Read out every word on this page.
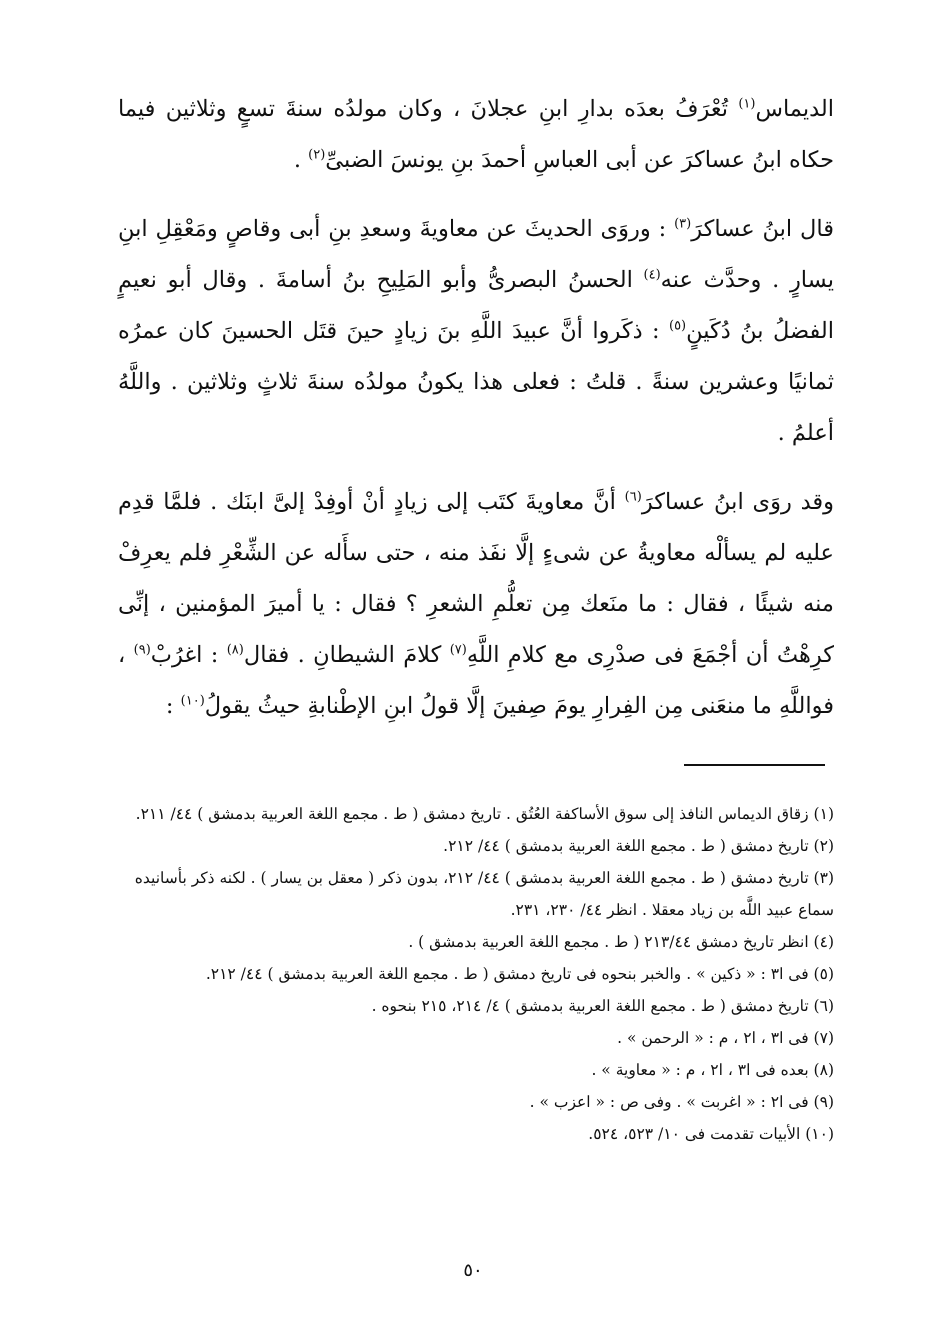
الديماس$^{(١)}$ تُعْرَفُ بعدَه بدارِ ابنِ عجلانَ ، وكان مولدُه سنةَ تسعٍ وثلاثين فيما حكاه ابنُ عساكرَ عن أبى العباسِ أحمدَ بنِ يونسَ الضبىِّ$^{(٢)}$ .

قال ابنُ عساكرَ$^{(٣)}$ : وروَى الحديثَ عن معاويةَ وسعدِ بنِ أبى وقاصٍ ومَعْقِلِ ابنِ يسارٍ . وحدَّث عنه$^{(٤)}$ الحسنُ البصرىُّ وأبو المَلِيحِ بنُ أسامةَ . وقال أبو نعيمٍ الفضلُ بنُ دُكَينٍ$^{(٥)}$ : ذكَروا أنَّ عبيدَ اللَّهِ بنَ زيادٍ حينَ قتَل الحسينَ كان عمرُه ثمانيًا وعشرين سنةً . قلتُ : فعلى هذا يكونُ مولدُه سنةَ ثلاثٍ وثلاثين . واللَّهُ أعلمُ .

وقد روَى ابنُ عساكرَ$^{(٦)}$ أنَّ معاويةَ كتَب إلى زيادٍ أنْ أوفِدْ إلىَّ ابنَك . فلمَّا قدِم عليه لم يسألْه معاويةُ عن شىءٍ إلَّا نفَذ منه ، حتى سأَله عن الشِّعْرِ فلم يعرِفْ منه شيئًا ، فقال : ما منَعك مِن تعلُّمِ الشعرِ ؟ فقال : يا أميرَ المؤمنين ، إنِّى كرِهْتُ أن أجْمَعَ فى صدْرِى مع كلامِ اللَّهِ$^{(٧)}$ كلامَ الشيطانِ . فقال$^{(٨)}$ : اغرُبْ$^{(٩)}$ ، فواللَّهِ ما منعَنى مِن الفِرارِ يومَ صِفينَ إلَّا قولُ ابنِ الإطْنابةِ حيثُ يقولُ$^{(١٠)}$ :

(١) زقاق الديماس النافذ إلى سوق الأساكفة العُتُق . تاريخ دمشق ( ط . مجمع اللغة العربية بدمشق ) ٤٤/ ٢١١.

(٢) تاريخ دمشق ( ط . مجمع اللغة العربية بدمشق ) ٤٤/ ٢١٢.

(٣) تاريخ دمشق ( ط . مجمع اللغة العربية بدمشق ) ٤٤/ ٢١٢، بدون ذكر ( معقل بن يسار ) . لكنه ذكر بأسانيده سماع عبيد اللَّه بن زياد معقلا . انظر ٤٤/ ٢٣٠، ٢٣١.

(٤) انظر تاريخ دمشق ٢١٣/٤٤ ( ط . مجمع اللغة العربية بدمشق ) .

(٥) فى ا٣ : « ذكين » . والخبر بنحوه فى تاريخ دمشق ( ط . مجمع اللغة العربية بدمشق ) ٤٤/ ٢١٢.

(٦) تاريخ دمشق ( ط . مجمع اللغة العربية بدمشق ) ٤/ ٢١٤، ٢١٥ بنحوه .

(٧) فى ا٣ ، ا٢ ، م : « الرحمن » .

(٨) بعده فى ا٣ ، ا٢ ، م : « معاوية » .

(٩) فى ا٢ : « اغربت » . وفى ص : « اعزب » .

(١٠) الأبيات تقدمت فى ١٠/ ٥٢٣، ٥٢٤.

٥٠
